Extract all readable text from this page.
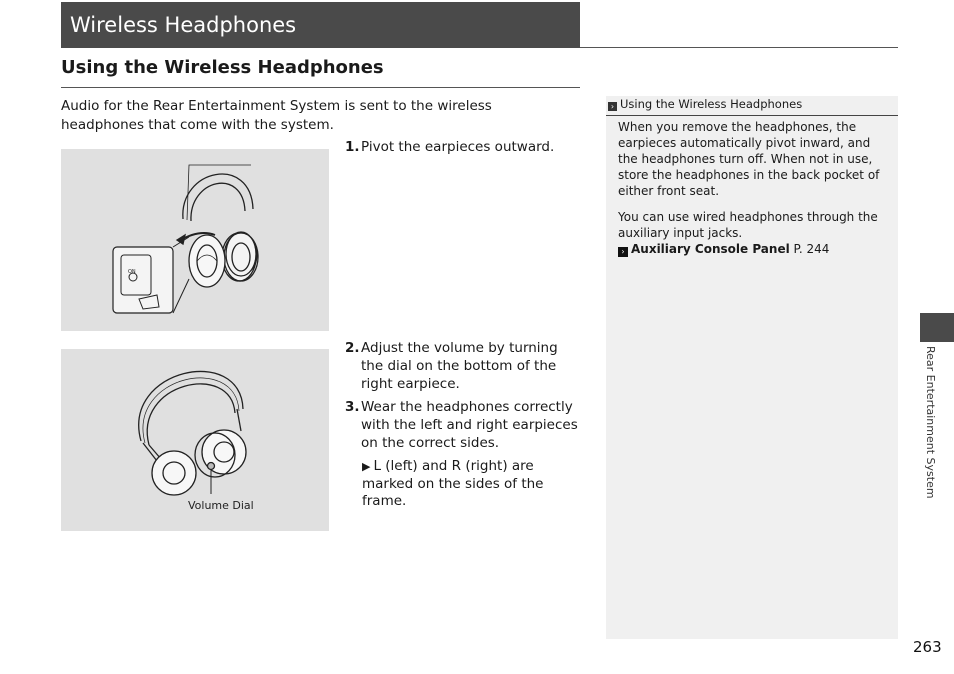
Wireless Headphones
Using the Wireless Headphones
Audio for the Rear Entertainment System is sent to the wireless headphones that come with the system.
ON
Volume Dial
1. Pivot the earpieces outward.
2. Adjust the volume by turning the dial on the bottom of the right earpiece.
3. Wear the headphones correctly with the left and right earpieces on the correct sides.
▶ L (left) and R (right) are marked on the sides of the frame.
› Using the Wireless Headphones

When you remove the headphones, the earpieces automatically pivot inward, and the headphones turn off. When not in use, store the headphones in the back pocket of either front seat.

You can use wired headphones through the auxiliary input jacks.

› Auxiliary Console Panel P. 244
Rear Entertainment System
263
